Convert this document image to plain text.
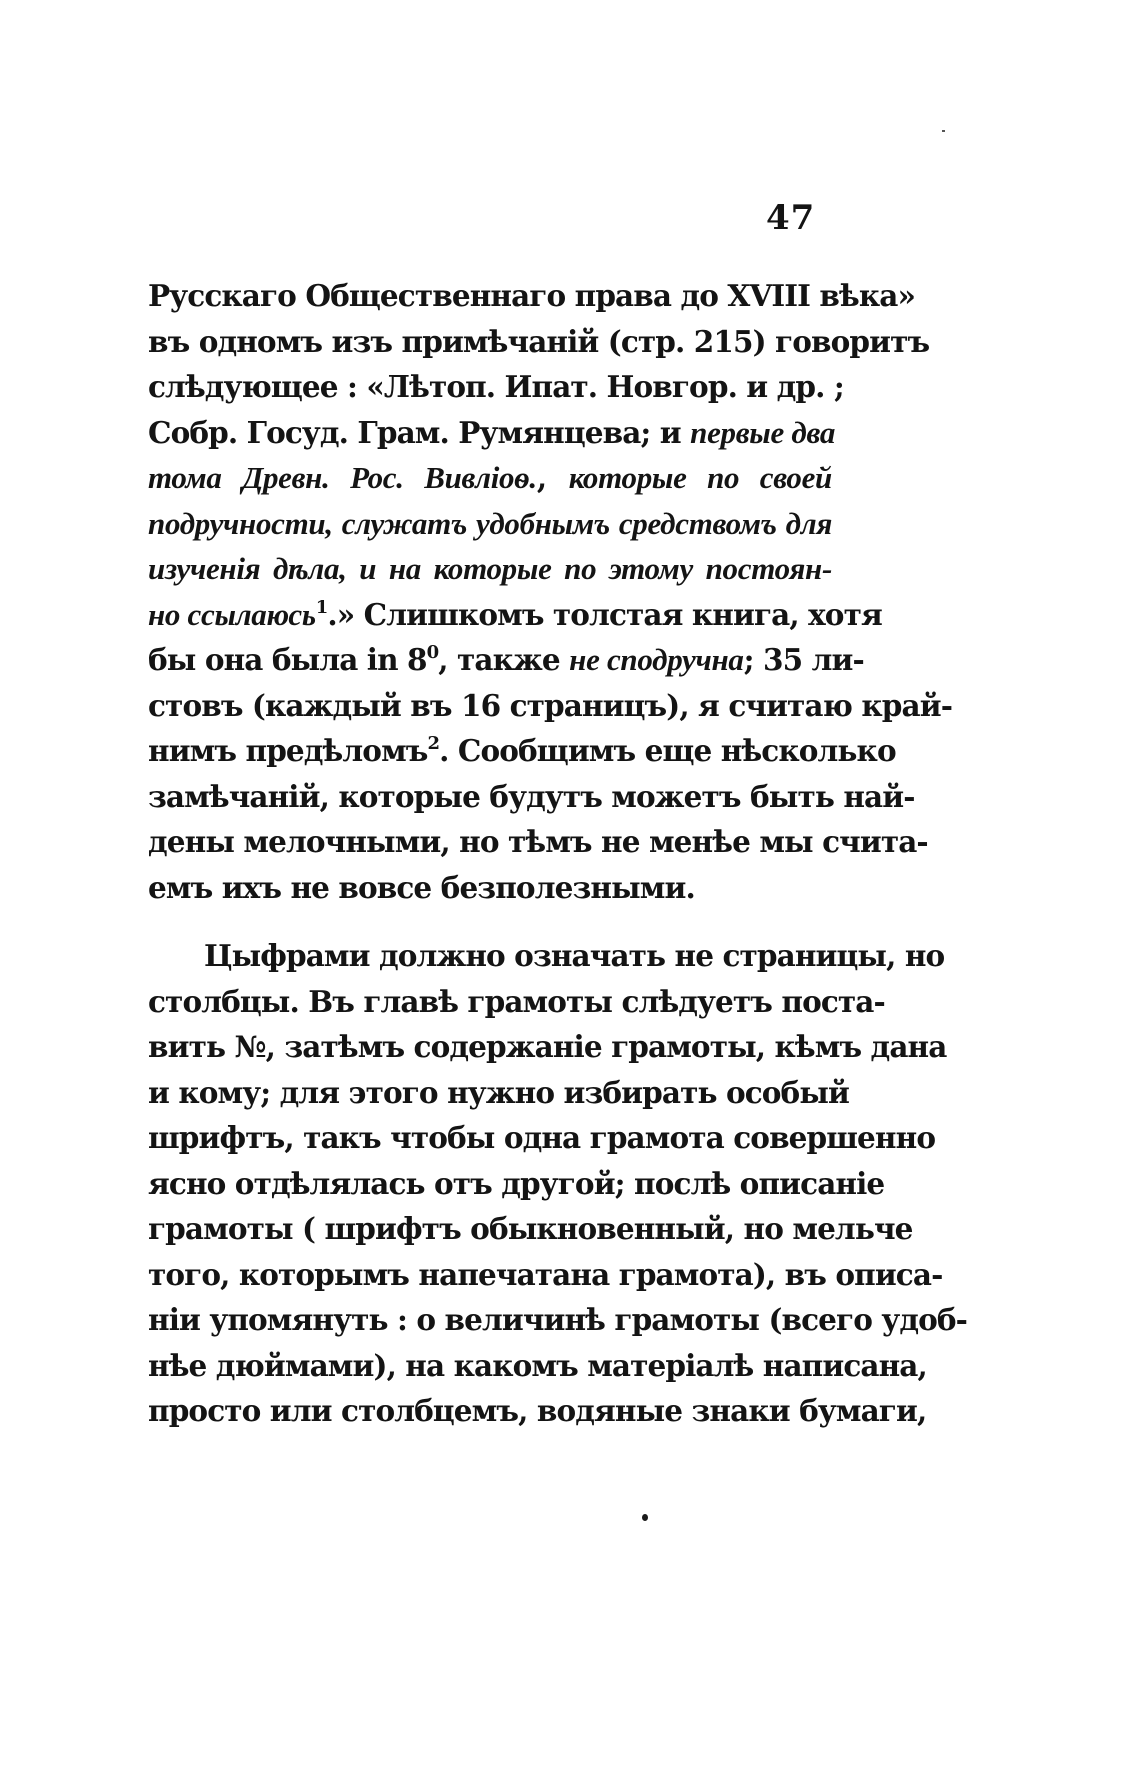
47
Русскаго Общественнаго права до XVIII вѣка»
въ одномъ изъ примѣчаній (стр. 215) говоритъ
слѣдующее : «Лѣтоп. Ипат. Новгор. и др. ;
Собр. Госуд. Грам. Румянцева; и первые два
тома Древн. Рос. Вивліоѳ., которые по своей
подручности, служатъ удобнымъ средствомъ для
изученія дѣла, и на которые по этому постоян-
но ссылаюсь$^1$.» Слишкомъ толстая книга, хотя
бы она была in $8^0$, также не сподручна; 35 ли-
стовъ (каждый въ 16 страницъ), я считаю край-
нимъ предѣломъ$^2$. Сообщимъ еще нѣсколько
замѣчаній, которые будутъ можетъ быть най-
дены мелочными, но тѣмъ не менѣе мы счита-
емъ ихъ не вовсе безполезными.
Цыфрами должно означать не страницы, но
столбцы. Въ главѣ грамоты слѣдуетъ поста-
вить №, затѣмъ содержаніе грамоты, кѣмъ дана
и кому; для этого нужно избирать особый
шрифтъ, такъ чтобы одна грамота совершенно
ясно отдѣлялась отъ другой; послѣ описаніе
грамоты ( шрифтъ обыкновенный, но мельче
того, которымъ напечатана грамота), въ описа-
ніи упомянуть : о величинѣ грамоты (всего удоб-
нѣе дюймами), на какомъ матеріалѣ написана,
просто или столбцемъ, водяные знаки бумаги,
